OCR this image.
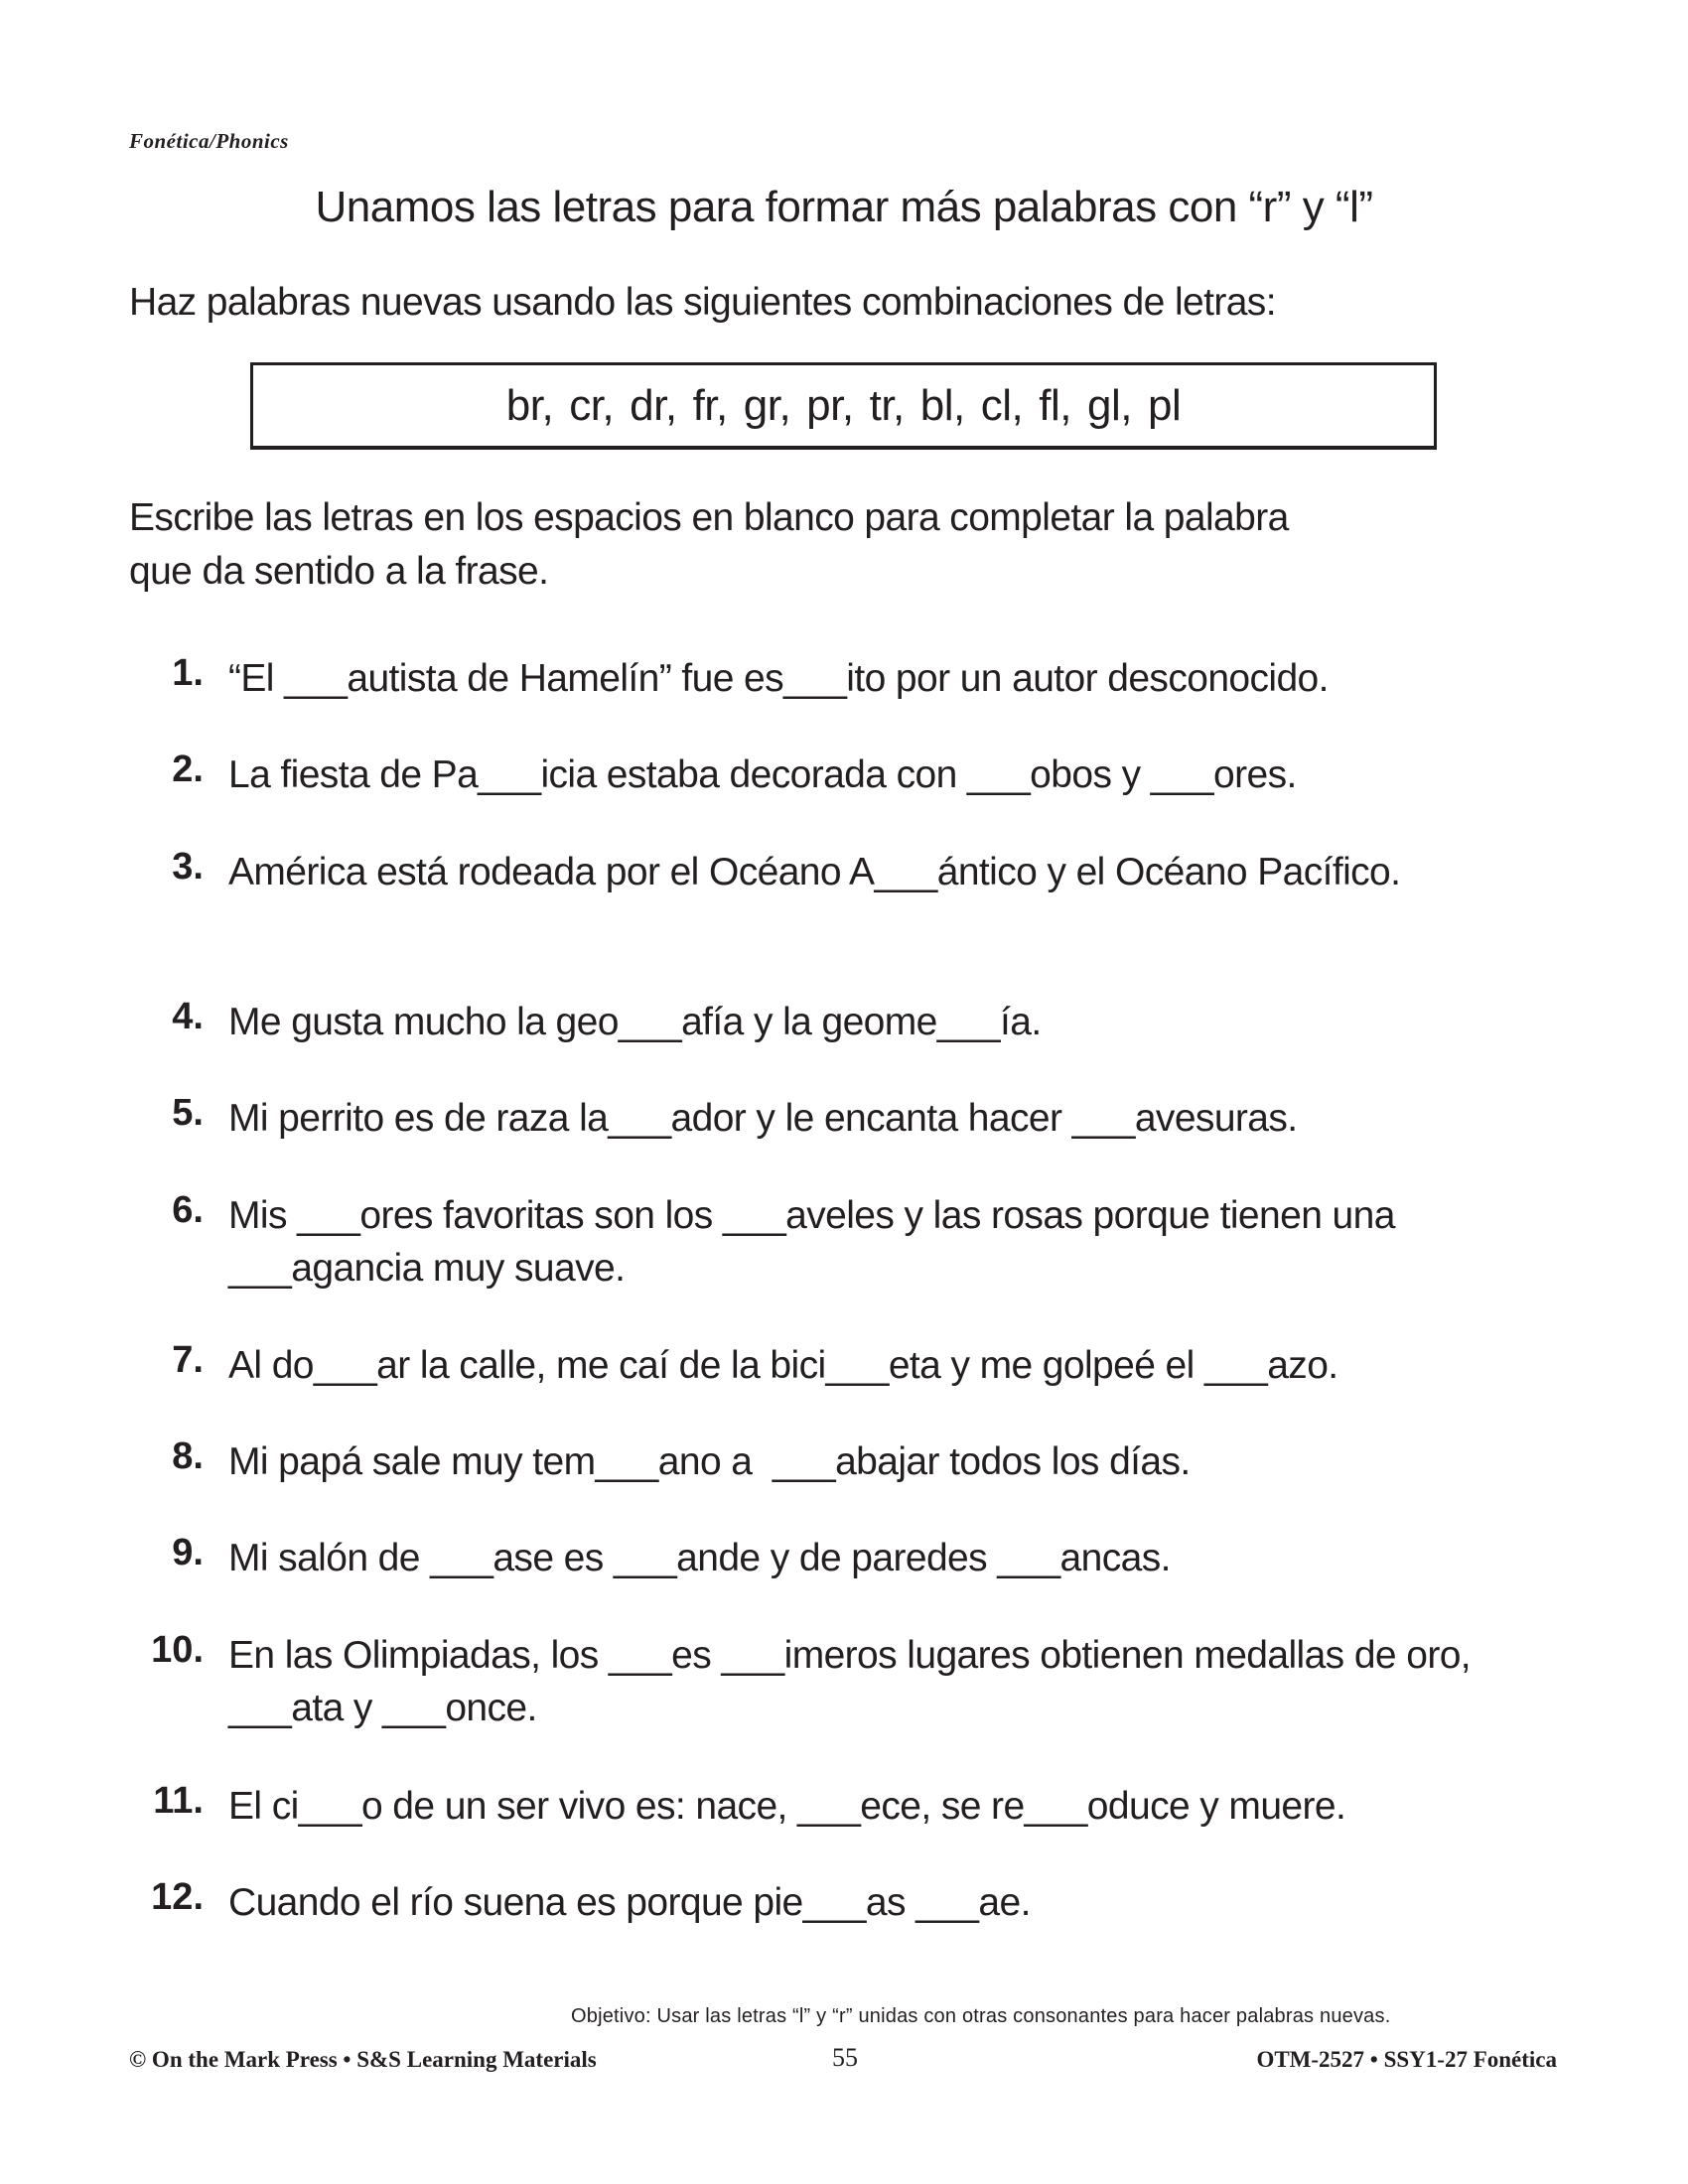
Fonética/Phonics
Unamos las letras para formar más palabras con “r” y “l”
Haz palabras nuevas usando las siguientes combinaciones de letras:
br, cr, dr, fr, gr, pr, tr, bl, cl, fl, gl, pl
Escribe las letras en los espacios en blanco para completar la palabra
que da sentido a la frase.
1. “El ___autista de Hamelín” fue es___ito por un autor desconocido.
2. La fiesta de Pa___icia estaba decorada con ___obos y ___ores.
3. América está rodeada por el Océano A___ántico y el Océano Pacífico.
4. Me gusta mucho la geo___afía y la geome___ía.
5. Mi perrito es de raza la___ador y le encanta hacer ___avesuras.
6. Mis ___ores favoritas son los ___aveles y las rosas porque tienen una ___agancia muy suave.
7. Al do___ar la calle, me caí de la bici___eta y me golpeé el ___azo.
8. Mi papá sale muy tem___ano a  ___abajar todos los días.
9. Mi salón de ___ase es ___ande y de paredes ___ancas.
10. En las Olimpiadas, los ___es ___imeros lugares obtienen medallas de oro, ___ata y ___once.
11. El ci___o de un ser vivo es: nace, ___ece, se re___oduce y muere.
12. Cuando el río suena es porque pie___as ___ae.
Objetivo: Usar las letras “l” y “r” unidas con otras consonantes para hacer palabras nuevas.
© On the Mark Press • S&S Learning Materials	55	OTM-2527 • SSY1-27 Fonética
